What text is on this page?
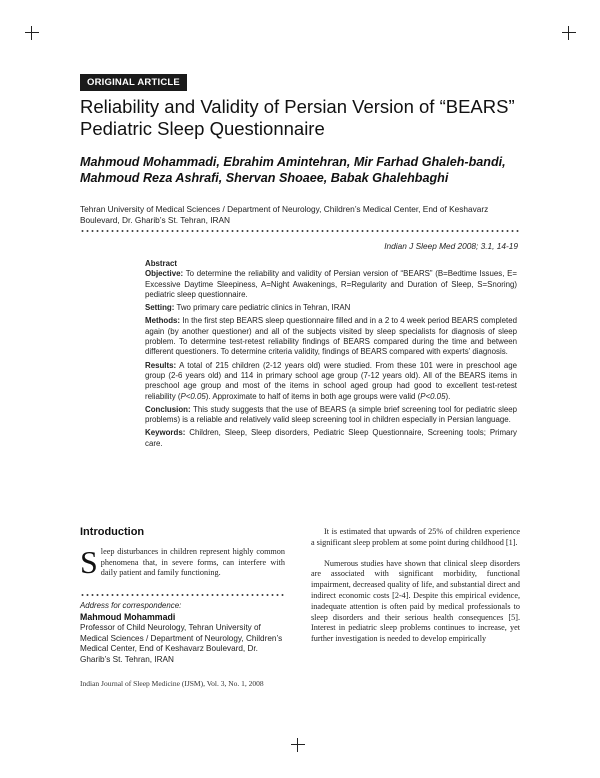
ORIGINAL ARTICLE
Reliability and Validity of Persian Version of “BEARS” Pediatric Sleep Questionnaire
Mahmoud Mohammadi, Ebrahim Amintehran, Mir Farhad Ghaleh-bandi, Mahmoud Reza Ashrafi, Shervan Shoaee, Babak Ghalehbaghi
Tehran University of Medical Sciences / Department of Neurology, Children’s Medical Center, End of Keshavarz Boulevard, Dr. Gharib’s St. Tehran, IRAN
Indian J Sleep Med 2008; 3.1, 14-19

Abstract

Objective: To determine the reliability and validity of Persian version of “BEARS” (B=Bedtime Issues, E= Excessive Daytime Sleepiness, A=Night Awakenings, R=Regularity and Duration of Sleep, S=Snoring) pediatric sleep questionnaire.

Setting: Two primary care pediatric clinics in Tehran, IRAN

Methods: In the first step BEARS sleep questionnaire filled and in a 2 to 4 week period BEARS completed again (by another questioner) and all of the subjects visited by sleep specialists for diagnosis of sleep problem. To determine test-retest reliability findings of BEARS compared during the time and between different questioners. To determine criteria validity, findings of BEARS compared with experts’ diagnosis.

Results: A total of 215 children (2-12 years old) were studied. From these 101 were in preschool age group (2-6 years old) and 114 in primary school age group (7-12 years old). All of the BEARS items in preschool age group and most of the items in school aged group had good to excellent test-retest reliability (P<0.05). Approximate to half of items in both age groups were valid (P<0.05).

Conclusion: This study suggests that the use of BEARS (a simple brief screening tool for pediatric sleep problems) is a reliable and relatively valid sleep screening tool in children especially in Persian language.

Keywords: Children, Sleep, Sleep disorders, Pediatric Sleep Questionnaire, Screening tools; Primary care.

Introduction
Sleep disturbances in children represent highly common phenomena that, in severe forms, can interfere with daily patient and family functioning.
Address for correspondence:
Mahmoud Mohammadi
Professor of Child Neurology, Tehran University of Medical Sciences / Department of Neurology, Children’s Medical Center, End of Keshavarz Boulevard, Dr. Gharib’s St. Tehran, IRAN

It is estimated that upwards of 25% of children experience a significant sleep problem at some point during childhood [1].

Numerous studies have shown that clinical sleep disorders are associated with significant morbidity, functional impairment, decreased quality of life, and substantial direct and indirect economic costs [2-4]. Despite this empirical evidence, inadequate attention is often paid by medical professionals to sleep disorders and their serious health consequences [5]. Interest in pediatric sleep problems continues to increase, yet further investigation is needed to develop empirically

Indian Journal of Sleep Medicine (IJSM), Vol. 3, No. 1, 2008
